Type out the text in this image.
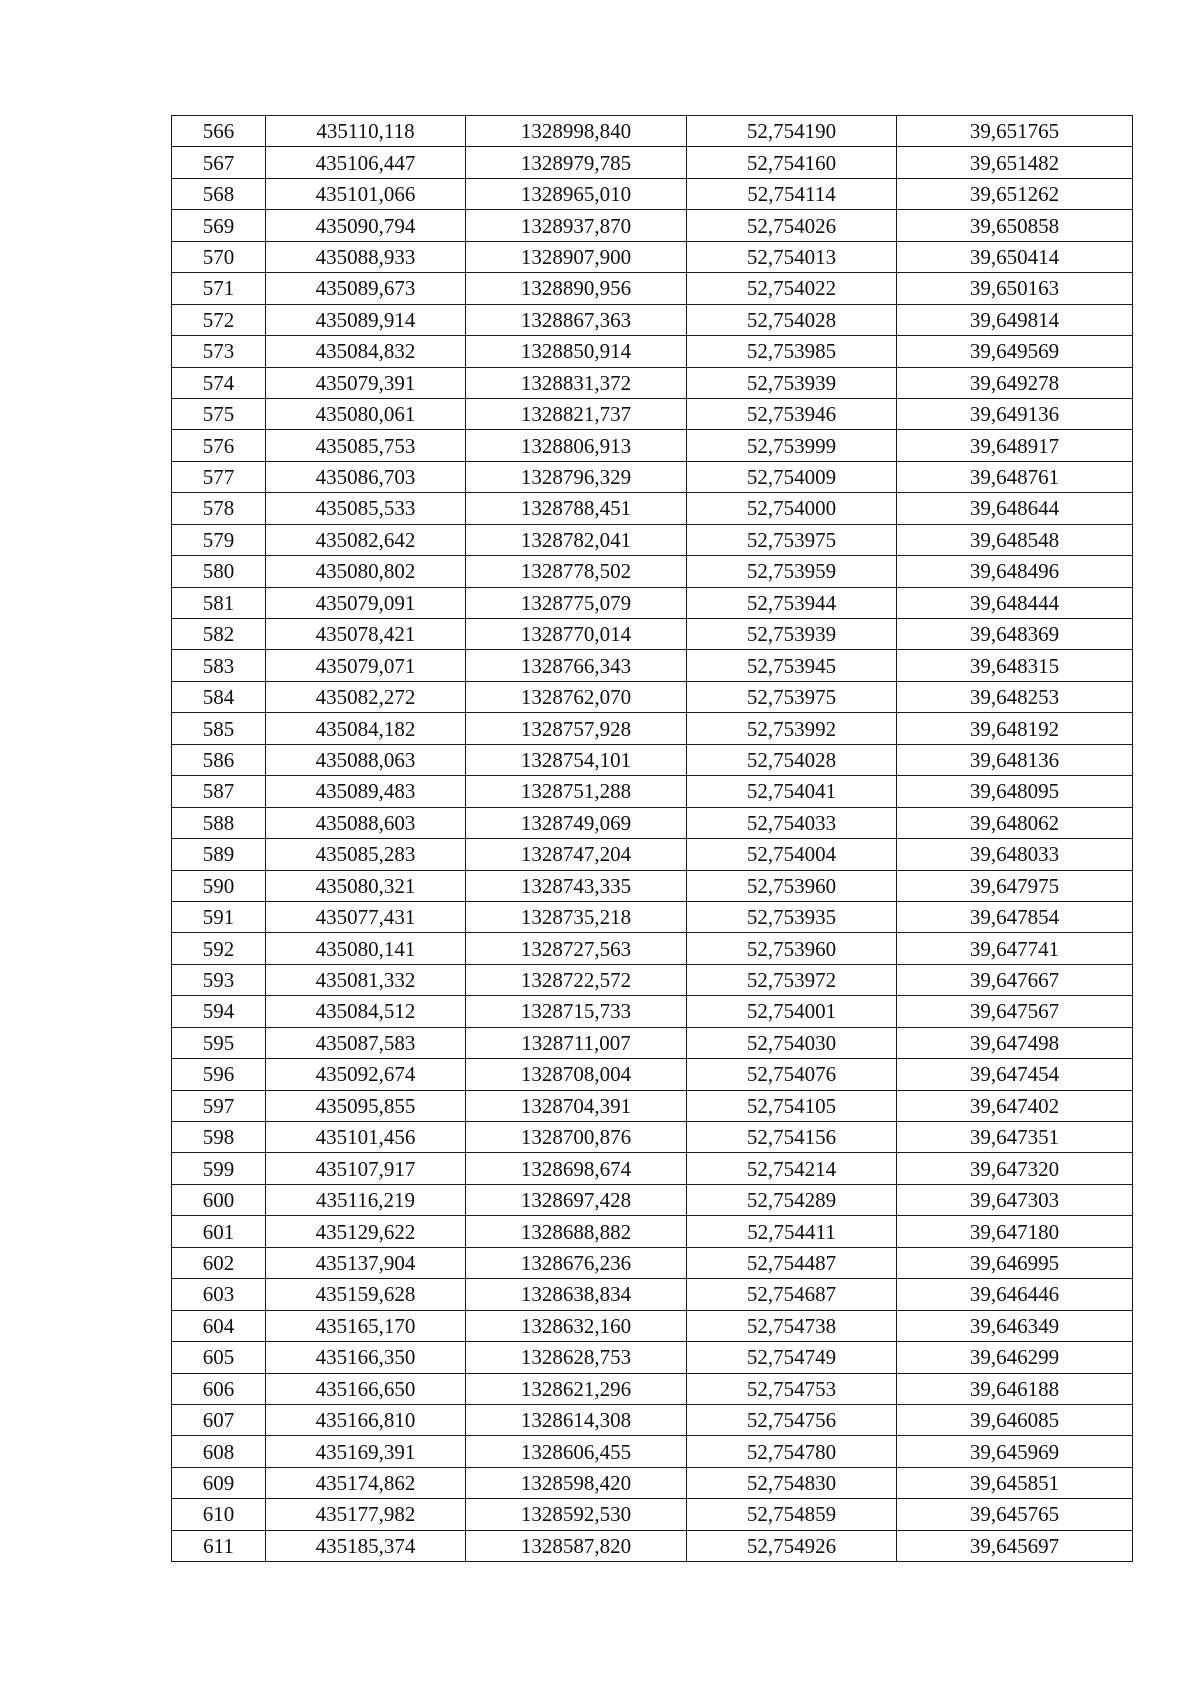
566	435110,118	1328998,840	52,754190	39,651765
567	435106,447	1328979,785	52,754160	39,651482
568	435101,066	1328965,010	52,754114	39,651262
569	435090,794	1328937,870	52,754026	39,650858
570	435088,933	1328907,900	52,754013	39,650414
571	435089,673	1328890,956	52,754022	39,650163
572	435089,914	1328867,363	52,754028	39,649814
573	435084,832	1328850,914	52,753985	39,649569
574	435079,391	1328831,372	52,753939	39,649278
575	435080,061	1328821,737	52,753946	39,649136
576	435085,753	1328806,913	52,753999	39,648917
577	435086,703	1328796,329	52,754009	39,648761
578	435085,533	1328788,451	52,754000	39,648644
579	435082,642	1328782,041	52,753975	39,648548
580	435080,802	1328778,502	52,753959	39,648496
581	435079,091	1328775,079	52,753944	39,648444
582	435078,421	1328770,014	52,753939	39,648369
583	435079,071	1328766,343	52,753945	39,648315
584	435082,272	1328762,070	52,753975	39,648253
585	435084,182	1328757,928	52,753992	39,648192
586	435088,063	1328754,101	52,754028	39,648136
587	435089,483	1328751,288	52,754041	39,648095
588	435088,603	1328749,069	52,754033	39,648062
589	435085,283	1328747,204	52,754004	39,648033
590	435080,321	1328743,335	52,753960	39,647975
591	435077,431	1328735,218	52,753935	39,647854
592	435080,141	1328727,563	52,753960	39,647741
593	435081,332	1328722,572	52,753972	39,647667
594	435084,512	1328715,733	52,754001	39,647567
595	435087,583	1328711,007	52,754030	39,647498
596	435092,674	1328708,004	52,754076	39,647454
597	435095,855	1328704,391	52,754105	39,647402
598	435101,456	1328700,876	52,754156	39,647351
599	435107,917	1328698,674	52,754214	39,647320
600	435116,219	1328697,428	52,754289	39,647303
601	435129,622	1328688,882	52,754411	39,647180
602	435137,904	1328676,236	52,754487	39,646995
603	435159,628	1328638,834	52,754687	39,646446
604	435165,170	1328632,160	52,754738	39,646349
605	435166,350	1328628,753	52,754749	39,646299
606	435166,650	1328621,296	52,754753	39,646188
607	435166,810	1328614,308	52,754756	39,646085
608	435169,391	1328606,455	52,754780	39,645969
609	435174,862	1328598,420	52,754830	39,645851
610	435177,982	1328592,530	52,754859	39,645765
611	435185,374	1328587,820	52,754926	39,645697
